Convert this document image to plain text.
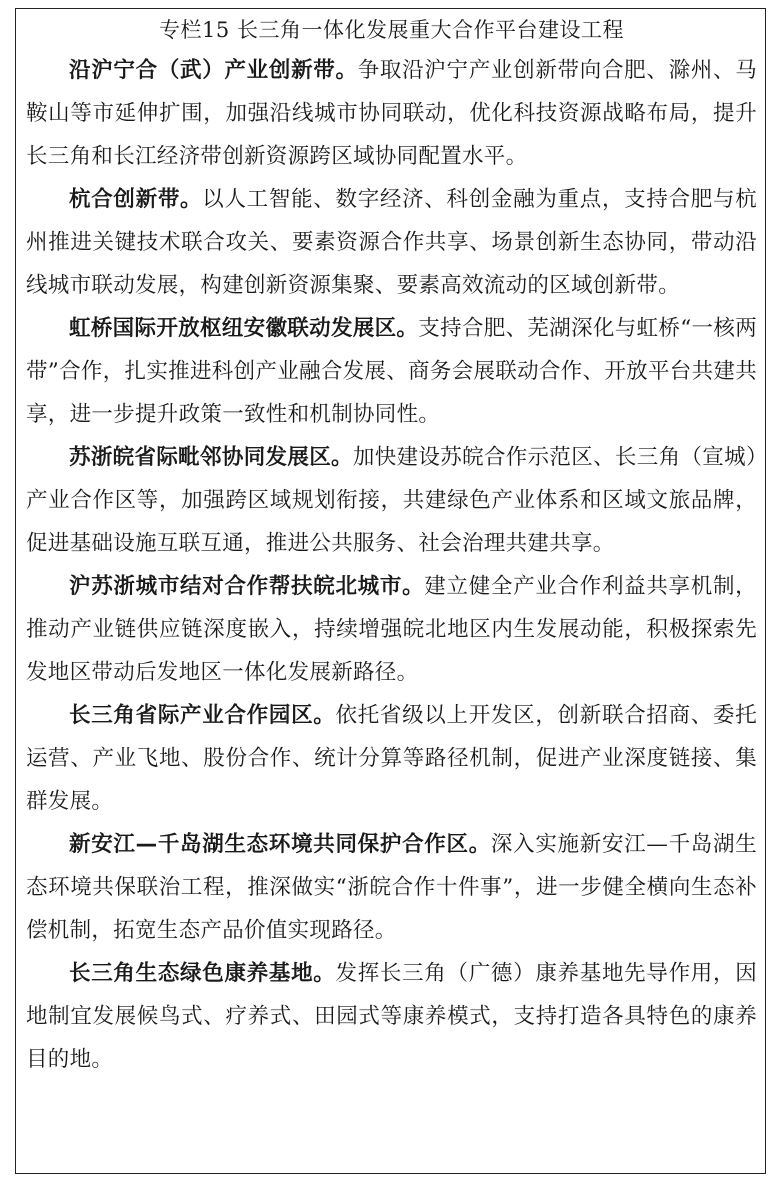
专栏15 长三角一体化发展重大合作平台建设工程

沿沪宁合（武）产业创新带。争取沿沪宁产业创新带向合肥、滁州、马鞍山等市延伸扩围，加强沿线城市协同联动，优化科技资源战略布局，提升长三角和长江经济带创新资源跨区域协同配置水平。

杭合创新带。以人工智能、数字经济、科创金融为重点，支持合肥与杭州推进关键技术联合攻关、要素资源合作共享、场景创新生态协同，带动沿线城市联动发展，构建创新资源集聚、要素高效流动的区域创新带。

虹桥国际开放枢纽安徽联动发展区。支持合肥、芜湖深化与虹桥“一核两带”合作，扎实推进科创产业融合发展、商务会展联动合作、开放平台共建共享，进一步提升政策一致性和机制协同性。

苏浙皖省际毗邻协同发展区。加快建设苏皖合作示范区、长三角（宣城）产业合作区等，加强跨区域规划衔接，共建绿色产业体系和区域文旅品牌，促进基础设施互联互通，推进公共服务、社会治理共建共享。

沪苏浙城市结对合作帮扶皖北城市。建立健全产业合作利益共享机制，推动产业链供应链深度嵌入，持续增强皖北地区内生发展动能，积极探索先发地区带动后发地区一体化发展新路径。

长三角省际产业合作园区。依托省级以上开发区，创新联合招商、委托运营、产业飞地、股份合作、统计分算等路径机制，促进产业深度链接、集群发展。

新安江—千岛湖生态环境共同保护合作区。深入实施新安江—千岛湖生态环境共保联治工程，推深做实“浙皖合作十件事”，进一步健全横向生态补偿机制，拓宽生态产品价值实现路径。

长三角生态绿色康养基地。发挥长三角（广德）康养基地先导作用，因地制宜发展候鸟式、疗养式、田园式等康养模式，支持打造各具特色的康养目的地。
